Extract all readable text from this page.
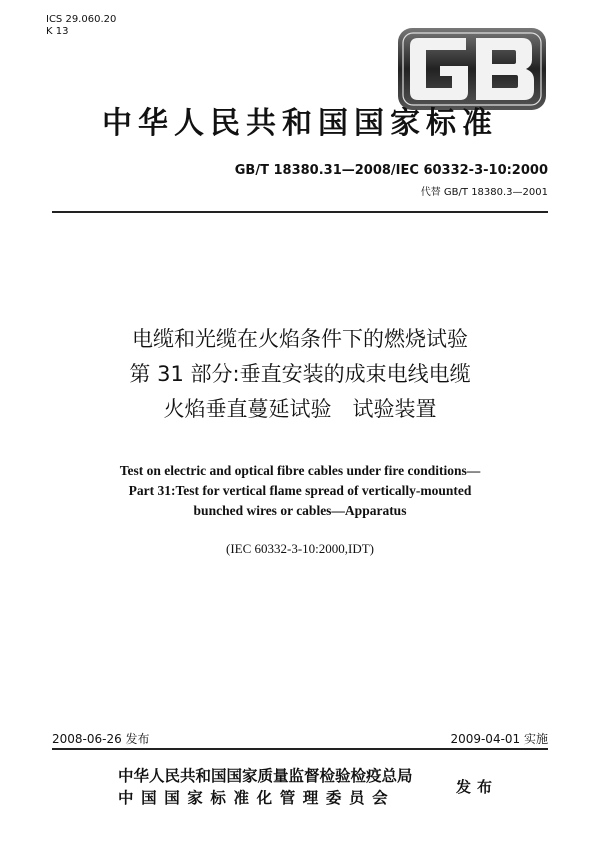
ICS 29.060.20
K 13
中华人民共和国国家标准
GB/T 18380.31—2008/IEC 60332-3-10:2000
代替 GB/T 18380.3—2001
电缆和光缆在火焰条件下的燃烧试验
第 31 部分:垂直安装的成束电线电缆
火焰垂直蔓延试验　试验装置
Test on electric and optical fibre cables under fire conditions—
Part 31:Test for vertical flame spread of vertically-mounted
bunched wires or cables—Apparatus
(IEC 60332-3-10:2000,IDT)
2008-06-26 发布	2009-04-01 实施
中华人民共和国国家质量监督检验检疫总局
中国国家标准化管理委员会
发布
